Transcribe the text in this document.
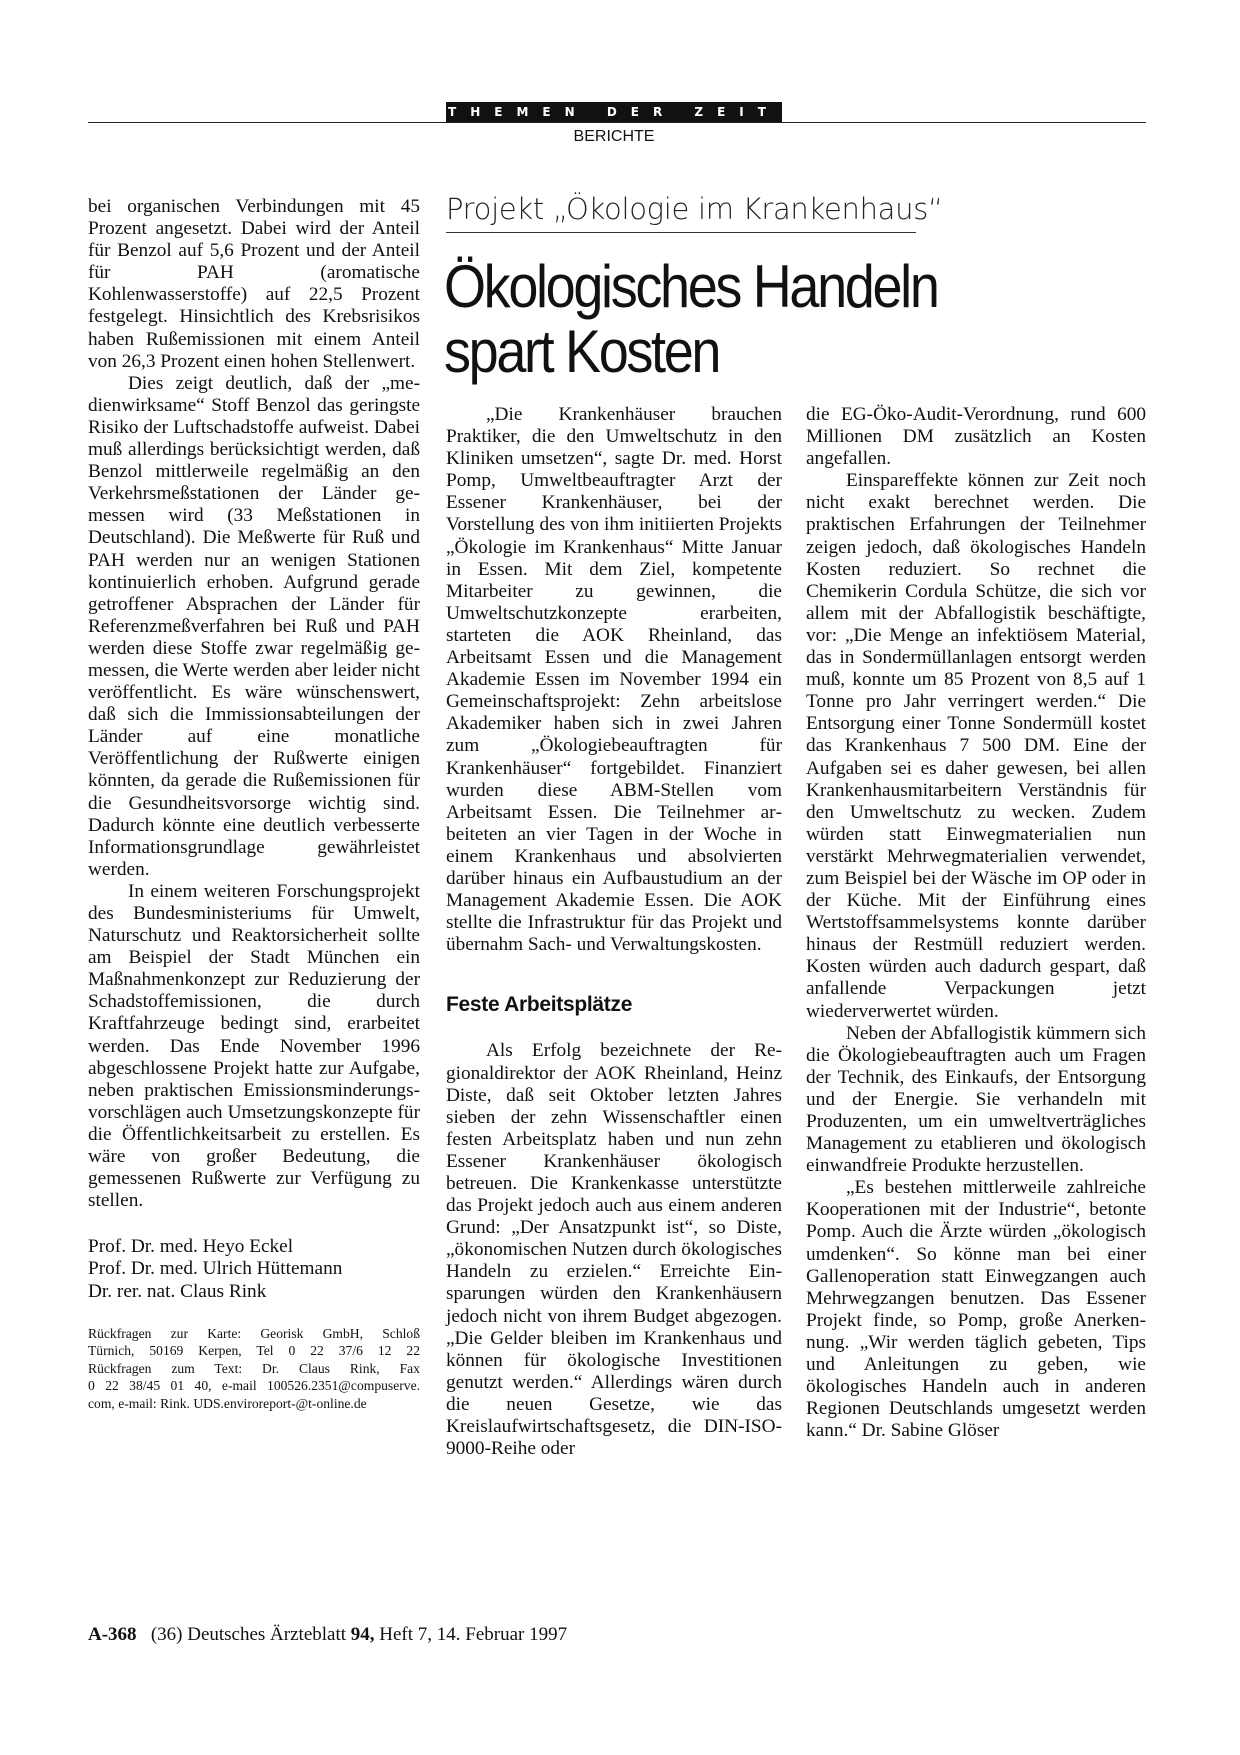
THEMEN DER ZEIT
BERICHTE

bei organischen Verbindungen mit 45 Prozent angesetzt. Dabei wird der Anteil für Benzol auf 5,6 Prozent und der Anteil für PAH (aromatische Kohlenwasserstoffe) auf 22,5 Prozent festgelegt. Hinsichtlich des Krebsrisikos haben Rußemissionen mit einem Anteil von 26,3 Prozent einen hohen Stellenwert.

Dies zeigt deutlich, daß der „medienwirksame“ Stoff Benzol das geringste Risiko der Luftschadstoffe aufweist. Dabei muß allerdings berücksichtigt werden, daß Benzol mittlerweile regelmäßig an den Verkehrsmeßstationen der Länder gemessen wird (33 Meßstationen in Deutschland). Die Meßwerte für Ruß und PAH werden nur an wenigen Stationen kontinuierlich erhoben. Aufgrund gerade getroffener Absprachen der Länder für Referenzmeßverfahren bei Ruß und PAH werden diese Stoffe zwar regelmäßig gemessen, die Werte werden aber leider nicht veröffentlicht. Es wäre wünschenswert, daß sich die Immissionsabteilungen der Länder auf eine monatliche Veröffentlichung der Rußwerte einigen könnten, da gerade die Rußemissionen für die Gesundheitsvorsorge wichtig sind. Dadurch könnte eine deutlich verbesserte Informationsgrundlage gewährleistet werden.

In einem weiteren Forschungsprojekt des Bundesministeriums für Umwelt, Naturschutz und Reaktorsicherheit sollte am Beispiel der Stadt München ein Maßnahmenkonzept zur Reduzierung der Schadstoffemissionen, die durch Kraftfahrzeuge bedingt sind, erarbeitet werden. Das Ende November 1996 abgeschlossene Projekt hatte zur Aufgabe, neben praktischen Emissionsminderungsvorschlägen auch Umsetzungskonzepte für die Öffentlichkeitsarbeit zu erstellen. Es wäre von großer Bedeutung, die gemessenen Rußwerte zur Verfügung zu stellen.

Prof. Dr. med. Heyo Eckel
Prof. Dr. med. Ulrich Hüttemann
Dr. rer. nat. Claus Rink

Rückfragen zur Karte: Georisk GmbH, Schloß
Türnich, 50169 Kerpen, Tel 0 22 37/6 12 22
Rückfragen zum Text: Dr. Claus Rink, Fax
0 22 38/45 01 40, e-mail 100526.2351@compuserve.
com, e-mail: Rink. UDS.enviroreport-@t-online.de

Projekt „Ökologie im Krankenhaus“
Ökologisches Handeln
spart Kosten

„Die Krankenhäuser brauchen Praktiker, die den Umweltschutz in den Kliniken umsetzen“, sagte Dr. med. Horst Pomp, Umweltbeauftragter Arzt der Essener Krankenhäuser, bei der Vorstellung des von ihm initiierten Projekts „Ökologie im Krankenhaus“ Mitte Januar in Essen. Mit dem Ziel, kompetente Mitarbeiter zu gewinnen, die Umweltschutzkonzepte erarbeiten, starteten die AOK Rheinland, das Arbeitsamt Essen und die Management Akademie Essen im November 1994 ein Gemeinschaftsprojekt: Zehn arbeitslose Akademiker haben sich in zwei Jahren zum „Ökologiebeauftragten für Krankenhäuser“ fortgebildet. Finanziert wurden diese ABM-Stellen vom Arbeitsamt Essen. Die Teilnehmer arbeiteten an vier Tagen in der Woche in einem Krankenhaus und absolvierten darüber hinaus ein Aufbaustudium an der Management Akademie Essen. Die AOK stellte die Infrastruktur für das Projekt und übernahm Sach- und Verwaltungskosten.

Feste Arbeitsplätze

Als Erfolg bezeichnete der Regionaldirektor der AOK Rheinland, Heinz Diste, daß seit Oktober letzten Jahres sieben der zehn Wissenschaftler einen festen Arbeitsplatz haben und nun zehn Essener Krankenhäuser ökologisch betreuen. Die Krankenkasse unterstützte das Projekt jedoch auch aus einem anderen Grund: „Der Ansatzpunkt ist“, so Diste, „ökonomischen Nutzen durch ökologisches Handeln zu erzielen.“ Erreichte Einsparungen würden den Krankenhäusern jedoch nicht von ihrem Budget abgezogen. „Die Gelder bleiben im Krankenhaus und können für ökologische Investitionen genutzt werden.“ Allerdings wären durch die neuen Gesetze, wie das Kreislaufwirtschaftsgesetz, die DIN-ISO-9000-Reihe oder

die EG-Öko-Audit-Verordnung, rund 600 Millionen DM zusätzlich an Kosten angefallen.

Einspareffekte können zur Zeit noch nicht exakt berechnet werden. Die praktischen Erfahrungen der Teilnehmer zeigen jedoch, daß ökologisches Handeln Kosten reduziert. So rechnet die Chemikerin Cordula Schütze, die sich vor allem mit der Abfallogistik beschäftigte, vor: „Die Menge an infektiösem Material, das in Sondermüllanlagen entsorgt werden muß, konnte um 85 Prozent von 8,5 auf 1 Tonne pro Jahr verringert werden.“ Die Entsorgung einer Tonne Sondermüll kostet das Krankenhaus 7 500 DM. Eine der Aufgaben sei es daher gewesen, bei allen Krankenhausmitarbeitern Verständnis für den Umweltschutz zu wecken. Zudem würden statt Einwegmaterialien nun verstärkt Mehrwegmaterialien verwendet, zum Beispiel bei der Wäsche im OP oder in der Küche. Mit der Einführung eines Wertstoffsammelsystems konnte darüber hinaus der Restmüll reduziert werden. Kosten würden auch dadurch gespart, daß anfallende Verpackungen jetzt wiederverwertet würden.

Neben der Abfallogistik kümmern sich die Ökologiebeauftragten auch um Fragen der Technik, des Einkaufs, der Entsorgung und der Energie. Sie verhandeln mit Produzenten, um ein umweltverträgliches Management zu etablieren und ökologisch einwandfreie Produkte herzustellen.

„Es bestehen mittlerweile zahlreiche Kooperationen mit der Industrie“, betonte Pomp. Auch die Ärzte würden „ökologisch umdenken“. So könne man bei einer Gallenoperation statt Einwegzangen auch Mehrwegzangen benutzen. Das Essener Projekt finde, so Pomp, große Anerkennung. „Wir werden täglich gebeten, Tips und Anleitungen zu geben, wie ökologisches Handeln auch in anderen Regionen Deutschlands umgesetzt werden kann.“ Dr. Sabine Glöser

A-368 (36) Deutsches Ärzteblatt 94, Heft 7, 14. Februar 1997
